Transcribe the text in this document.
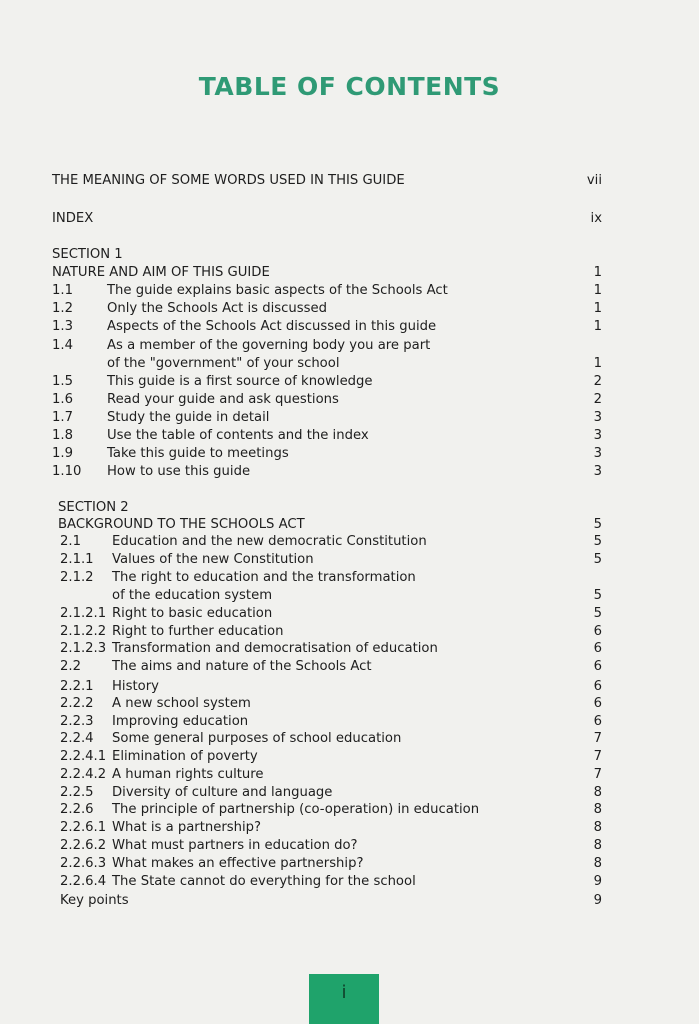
TABLE OF CONTENTS
THE MEANING OF SOME WORDS USED IN THIS GUIDE	vii
INDEX	ix
SECTION 1
NATURE AND AIM OF THIS GUIDE	1
1.1	The guide explains basic aspects of the Schools Act	1
1.2	Only the Schools Act is discussed	1
1.3	Aspects of the Schools Act discussed in this guide	1
1.4	As a member of the governing body you are part
of the "government" of your school	1
1.5	This guide is a first source of knowledge	2
1.6	Read your guide and ask questions	2
1.7	Study the guide in detail	3
1.8	Use the table of contents and the index	3
1.9	Take this guide to meetings	3
1.10 How to use this guide	3
SECTION 2
BACKGROUND TO THE SCHOOLS ACT	5
2.1 Education and the new democratic Constitution	5
2.1.1 Values of the new Constitution	5
2.1.2 The right to education and the transformation
of the education system	5
2.1.2.1 Right to basic education	5
2.1.2.2 Right to further education	6
2.1.2.3 Transformation and democratisation of education	6
2.2 The aims and nature of the Schools Act	6
2.2.1 History	6
2.2.2 A new school system	6
2.2.3 Improving education	6
2.2.4 Some general purposes of school education	7
2.2.4.1 Elimination of poverty	7
2.2.4.2 A human rights culture	7
2.2.5 Diversity of culture and language	8
2.2.6 The principle of partnership (co-operation) in education	8
2.2.6.1 What is a partnership?	8
2.2.6.2 What must partners in education do?	8
2.2.6.3 What makes an effective partnership?	8
2.2.6.4 The State cannot do everything for the school	9
Key points	9
i
